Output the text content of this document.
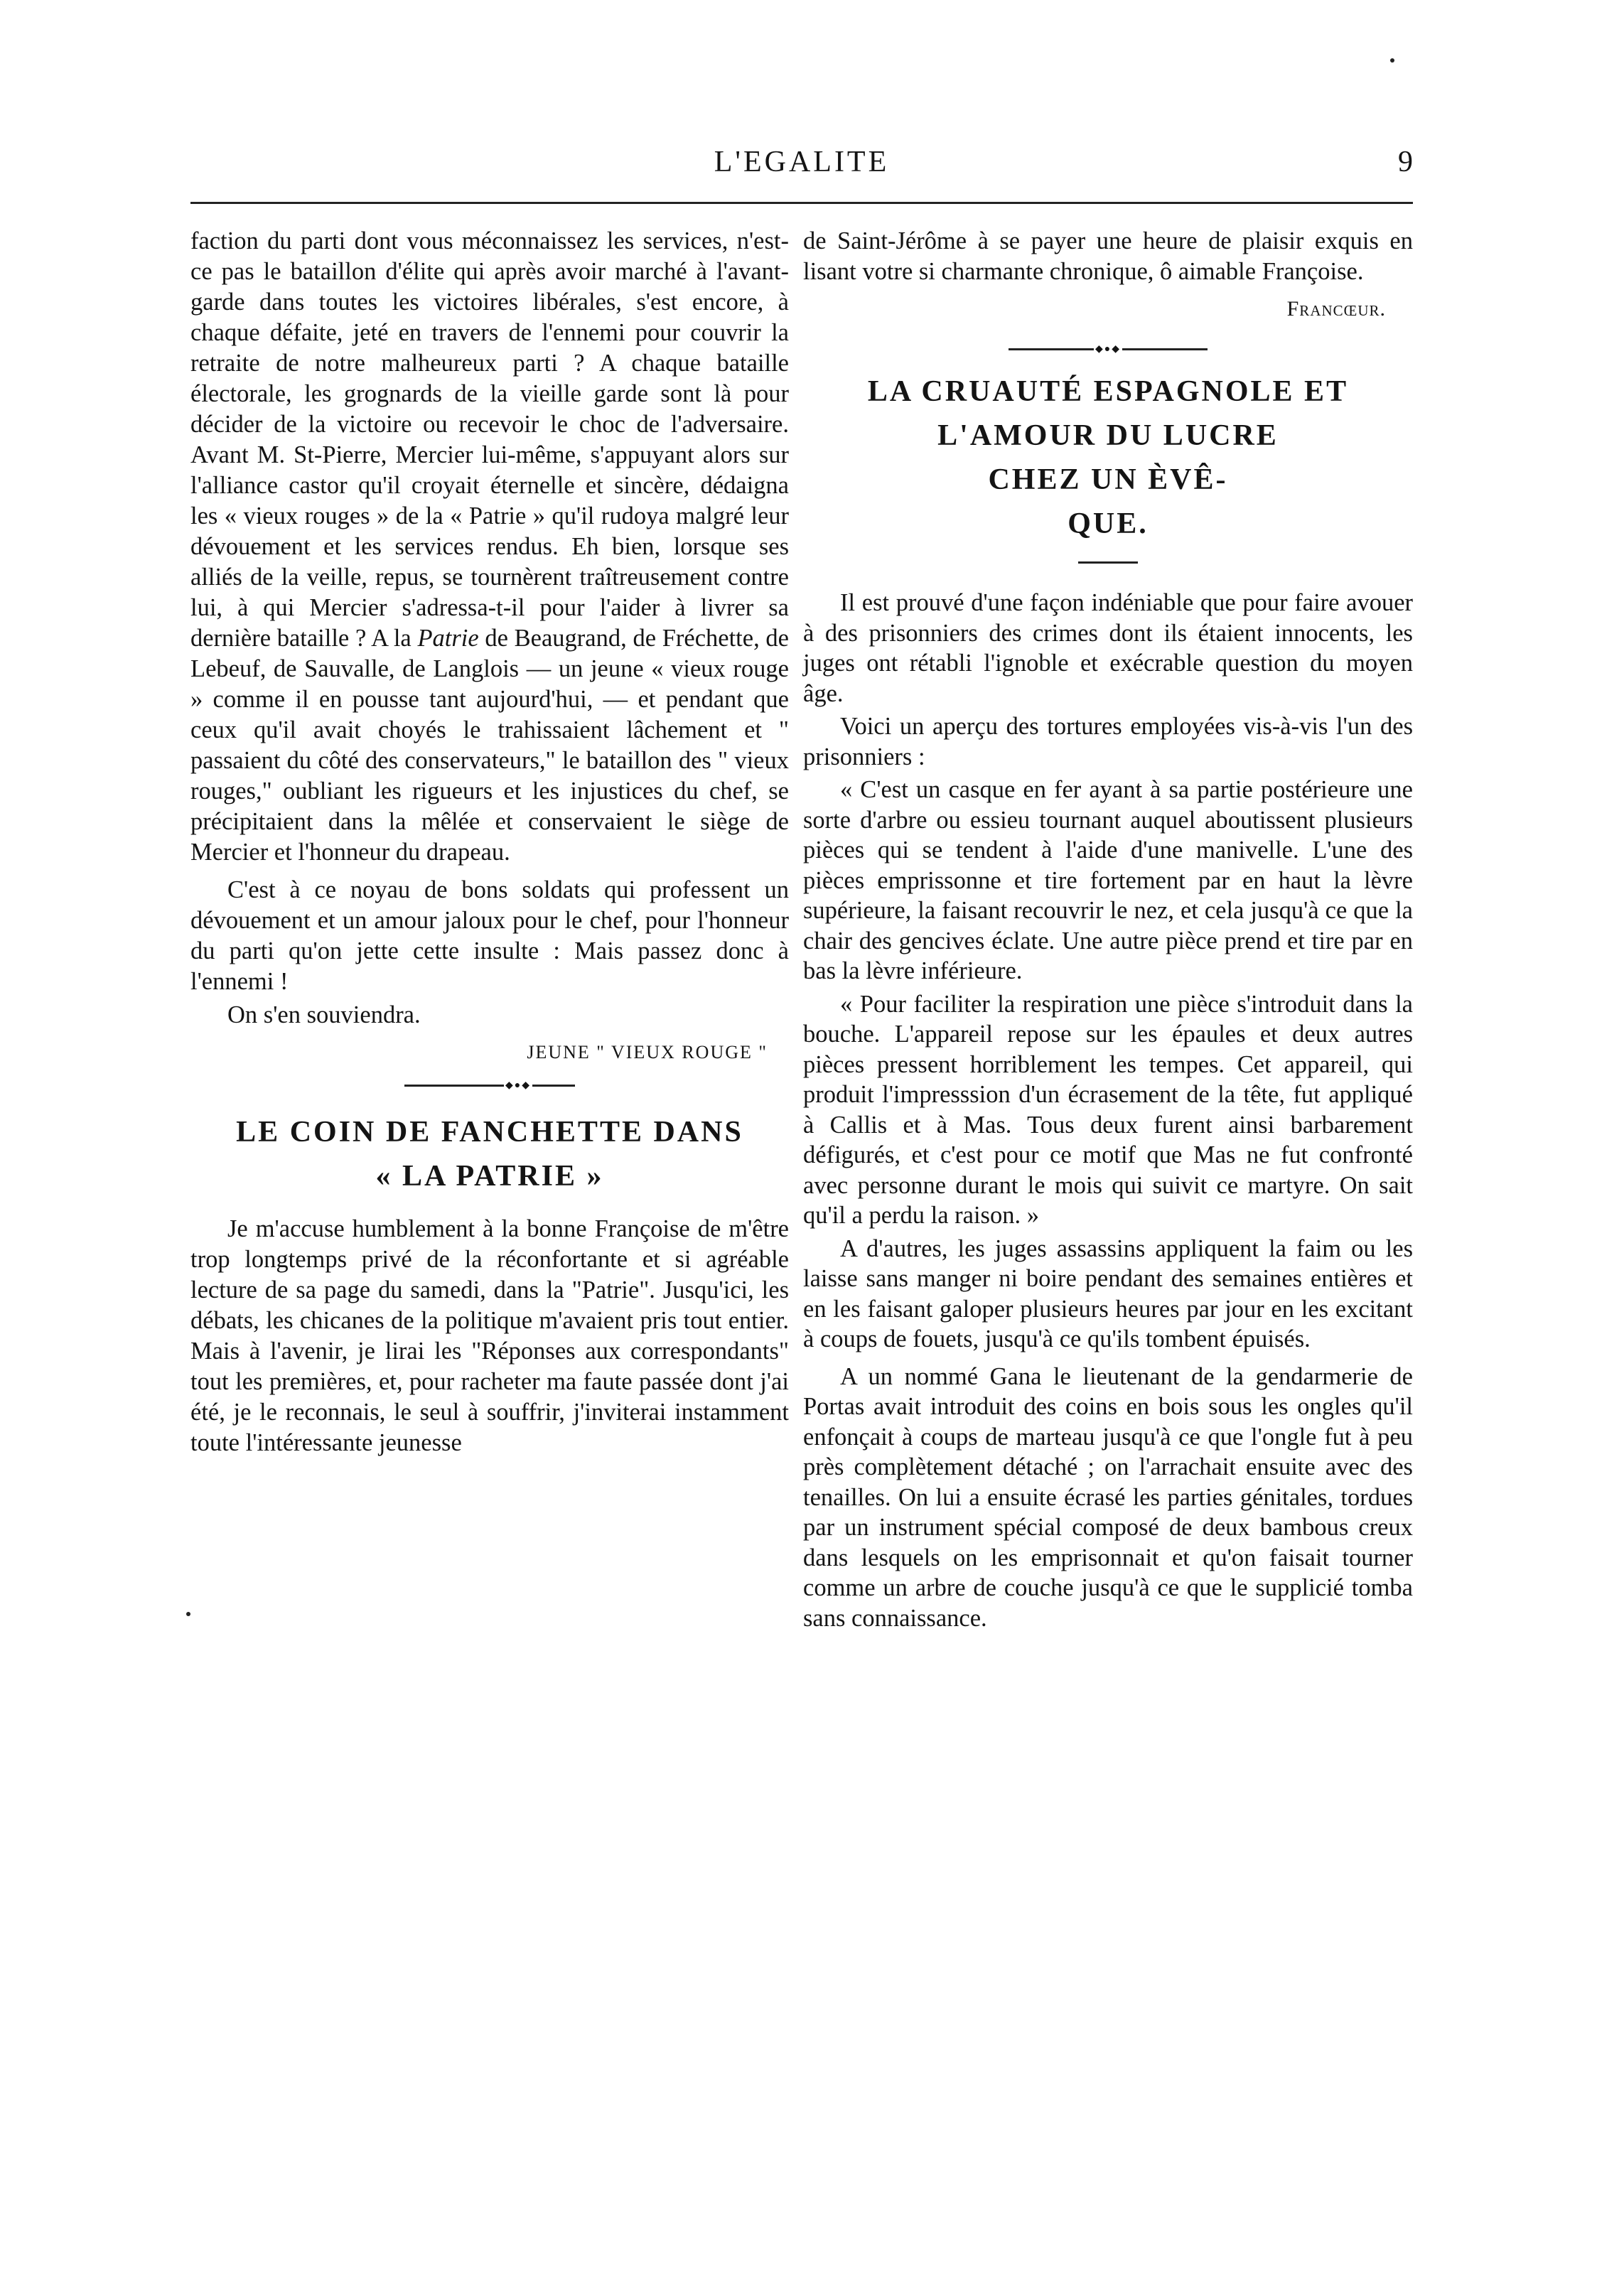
L'EGALITE	9

faction du parti dont vous méconnaissez les services, n'est-ce pas le bataillon d'élite qui après avoir marché à l'avant-garde dans toutes les victoires libérales, s'est encore, à chaque défaite, jeté en travers de l'ennemi pour couvrir la retraite de notre malheureux parti ? A chaque bataille électorale, les grognards de la vieille garde sont là pour décider de la victoire ou recevoir le choc de l'adversaire. Avant M. St-Pierre, Mercier lui-même, s'appuyant alors sur l'alliance castor qu'il croyait éternelle et sincère, dédaigna les « vieux rouges » de la « Patrie » qu'il rudoya malgré leur dévouement et les services rendus. Eh bien, lorsque ses alliés de la veille, repus, se tournèrent traîtreusement contre lui, à qui Mercier s'adressa-t-il pour l'aider à livrer sa dernière bataille ? A la Patrie de Beaugrand, de Fréchette, de Lebeuf, de Sauvalle, de Langlois — un jeune « vieux rouge » comme il en pousse tant aujourd'hui, — et pendant que ceux qu'il avait choyés le trahissaient lâchement et " passaient du côté des conservateurs," le bataillon des " vieux rouges," oubliant les rigueurs et les injustices du chef, se précipitaient dans la mêlée et conservaient le siège de Mercier et l'honneur du drapeau.

C'est à ce noyau de bons soldats qui professent un dévouement et un amour jaloux pour le chef, pour l'honneur du parti qu'on jette cette insulte : Mais passez donc à l'ennemi !

On s'en souviendra.

JEUNE " VIEUX ROUGE "
◆●◆
LE COIN DE FANCHETTE DANS
« LA PATRIE »

Je m'accuse humblement à la bonne Françoise de m'être trop longtemps privé de la réconfortante et si agréable lecture de sa page du samedi, dans la "Patrie". Jusqu'ici, les débats, les chicanes de la politique m'avaient pris tout entier. Mais à l'avenir, je lirai les "Réponses aux correspondants" tout les premières, et, pour racheter ma faute passée dont j'ai été, je le reconnais, le seul à souffrir, j'inviterai instamment toute l'intéressante jeunesse

de Saint-Jérôme à se payer une heure de plaisir exquis en lisant votre si charmante chronique, ô aimable Françoise.

Francœur.
◆●◆
LA CRUAUTÉ ESPAGNOLE ET
L'AMOUR DU LUCRE
CHEZ UN ÈVÊ-
QUE.

Il est prouvé d'une façon indéniable que pour faire avouer à des prisonniers des crimes dont ils étaient innocents, les juges ont rétabli l'ignoble et exécrable question du moyen âge.

Voici un aperçu des tortures employées vis-à-vis l'un des prisonniers :

« C'est un casque en fer ayant à sa partie postérieure une sorte d'arbre ou essieu tournant auquel aboutissent plusieurs pièces qui se tendent à l'aide d'une manivelle. L'une des pièces emprissonne et tire fortement par en haut la lèvre supérieure, la faisant recouvrir le nez, et cela jusqu'à ce que la chair des gencives éclate. Une autre pièce prend et tire par en bas la lèvre inférieure.

« Pour faciliter la respiration une pièce s'introduit dans la bouche. L'appareil repose sur les épaules et deux autres pièces pressent horriblement les tempes. Cet appareil, qui produit l'impresssion d'un écrasement de la tête, fut appliqué à Callis et à Mas. Tous deux furent ainsi barbarement défigurés, et c'est pour ce motif que Mas ne fut confronté avec personne durant le mois qui suivit ce martyre. On sait qu'il a perdu la raison. »

A d'autres, les juges assassins appliquent la faim ou les laisse sans manger ni boire pendant des semaines entières et en les faisant galoper plusieurs heures par jour en les excitant à coups de fouets, jusqu'à ce qu'ils tombent épuisés.

A un nommé Gana le lieutenant de la gendarmerie de Portas avait introduit des coins en bois sous les ongles qu'il enfonçait à coups de marteau jusqu'à ce que l'ongle fut à peu près complètement détaché ; on l'arrachait ensuite avec des tenailles. On lui a ensuite écrasé les parties génitales, tordues par un instrument spécial composé de deux bambous creux dans lesquels on les emprisonnait et qu'on faisait tourner comme un arbre de couche jusqu'à ce que le supplicié tomba sans connaissance.
